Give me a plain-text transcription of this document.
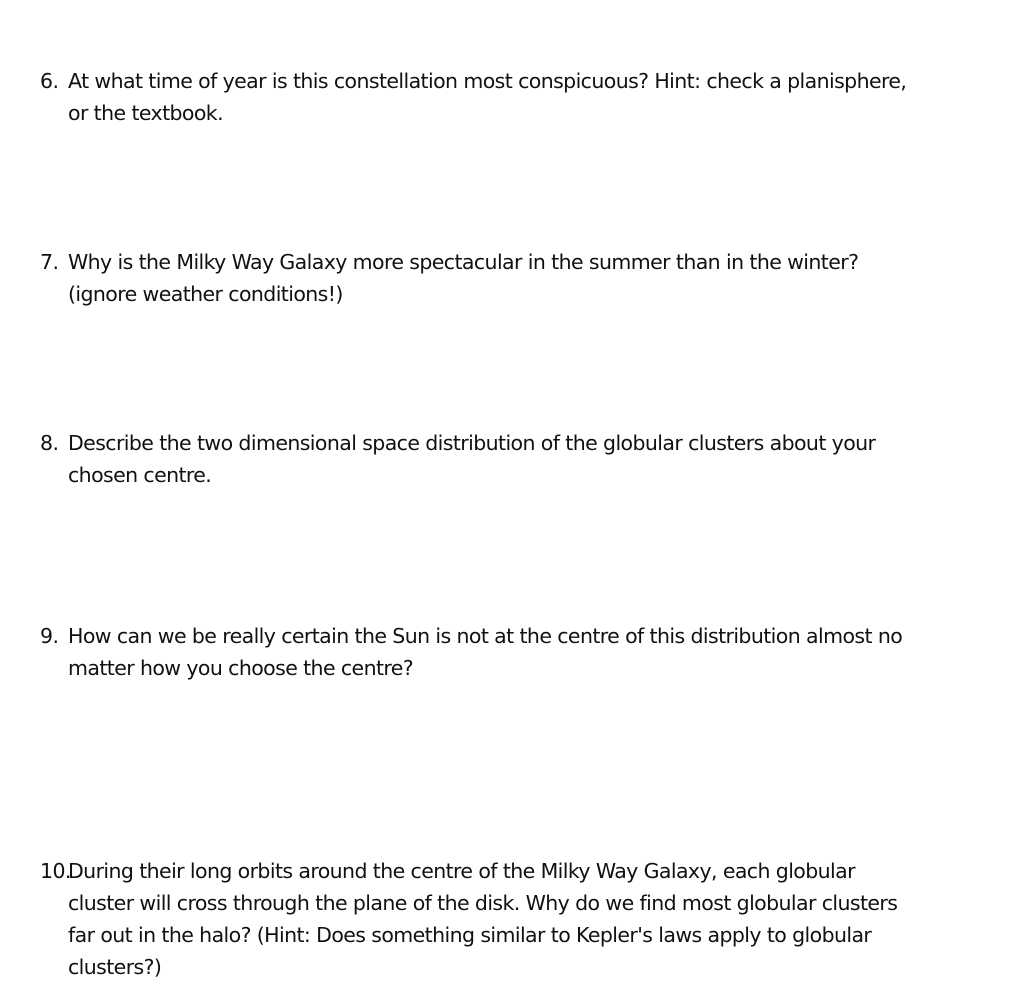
6. At what time of year is this constellation most conspicuous? Hint: check a planisphere,
or the textbook.
7. Why is the Milky Way Galaxy more spectacular in the summer than in the winter?
(ignore weather conditions!)
8. Describe the two dimensional space distribution of the globular clusters about your
chosen centre.
9. How can we be really certain the Sun is not at the centre of this distribution almost no
matter how you choose the centre?
10.
During their long orbits around the centre of the Milky Way Galaxy, each globular
cluster will cross through the plane of the disk. Why do we find most globular clusters
far out in the halo? (Hint: Does something similar to Kepler's laws apply to globular
clusters?)
